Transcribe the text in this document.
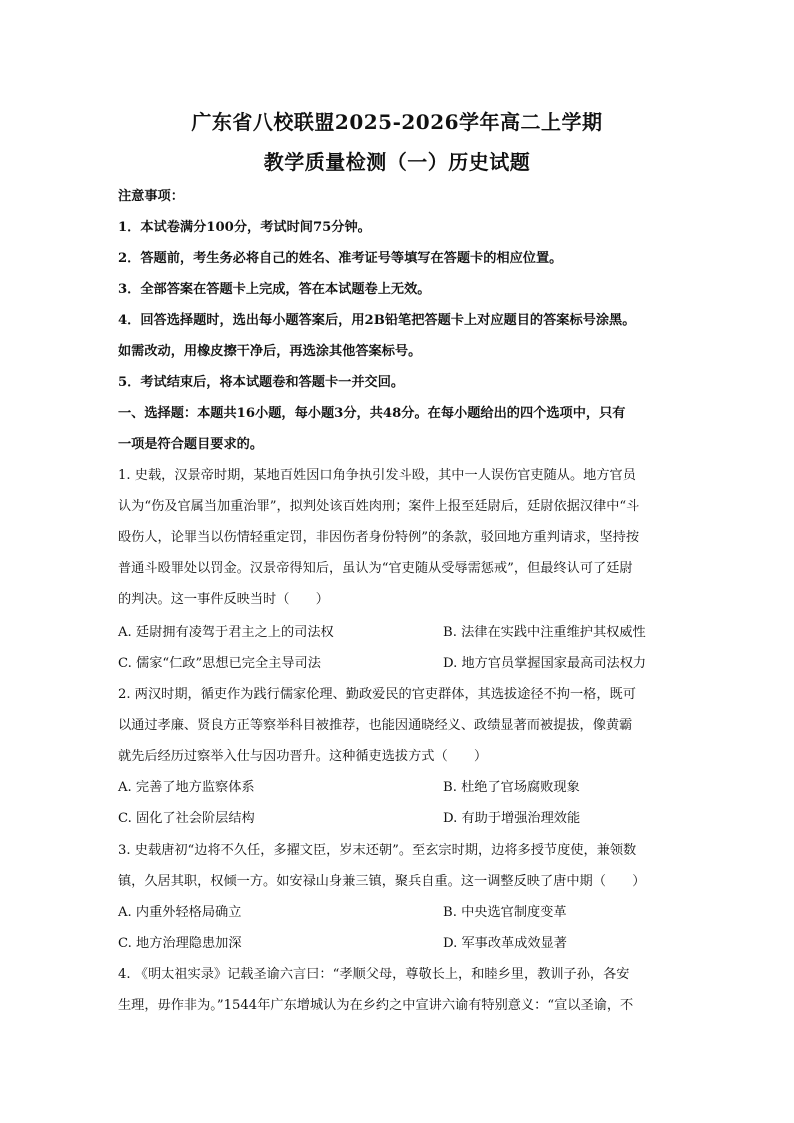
广东省八校联盟2025-2026学年高二上学期
教学质量检测（一）历史试题
注意事项：
1．本试卷满分100分，考试时间75分钟。
2．答题前，考生务必将自己的姓名、准考证号等填写在答题卡的相应位置。
3．全部答案在答题卡上完成，答在本试题卷上无效。
4．回答选择题时，选出每小题答案后，用2B铅笔把答题卡上对应题目的答案标号涂黑。
如需改动，用橡皮擦干净后，再选涂其他答案标号。
5．考试结束后，将本试题卷和答题卡一并交回。
一、选择题：本题共16小题，每小题3分，共48分。在每小题给出的四个选项中，只有
一项是符合题目要求的。
1. 史载，汉景帝时期，某地百姓因口角争执引发斗殴，其中一人误伤官吏随从。地方官员
认为“伤及官属当加重治罪”，拟判处该百姓肉刑；案件上报至廷尉后，廷尉依据汉律中“斗
殴伤人，论罪当以伤情轻重定罚，非因伤者身份特例”的条款，驳回地方重判请求，坚持按
普通斗殴罪处以罚金。汉景帝得知后，虽认为“官吏随从受辱需惩戒”，但最终认可了廷尉
的判决。这一事件反映当时（　　）
A. 廷尉拥有凌驾于君主之上的司法权	B. 法律在实践中注重维护其权威性
C. 儒家“仁政”思想已完全主导司法	D. 地方官员掌握国家最高司法权力
2. 两汉时期，循吏作为践行儒家伦理、勤政爱民的官吏群体，其选拔途径不拘一格，既可
以通过孝廉、贤良方正等察举科目被推荐，也能因通晓经义、政绩显著而被提拔，像黄霸
就先后经历过察举入仕与因功晋升。这种循吏选拔方式（　　）
A. 完善了地方监察体系	B. 杜绝了官场腐败现象
C. 固化了社会阶层结构	D. 有助于增强治理效能
3. 史载唐初“边将不久任，多擢文臣，岁末还朝”。至玄宗时期，边将多授节度使，兼领数
镇，久居其职，权倾一方。如安禄山身兼三镇，聚兵自重。这一调整反映了唐中期（　　）
A. 内重外轻格局确立	B. 中央选官制度变革
C. 地方治理隐患加深	D. 军事改革成效显著
4. 《明太祖实录》记载圣谕六言曰：“孝顺父母，尊敬长上，和睦乡里，教训子孙，各安
生理，毋作非为。”1544年广东增城认为在乡约之中宣讲六谕有特别意义：“宣以圣谕，不
